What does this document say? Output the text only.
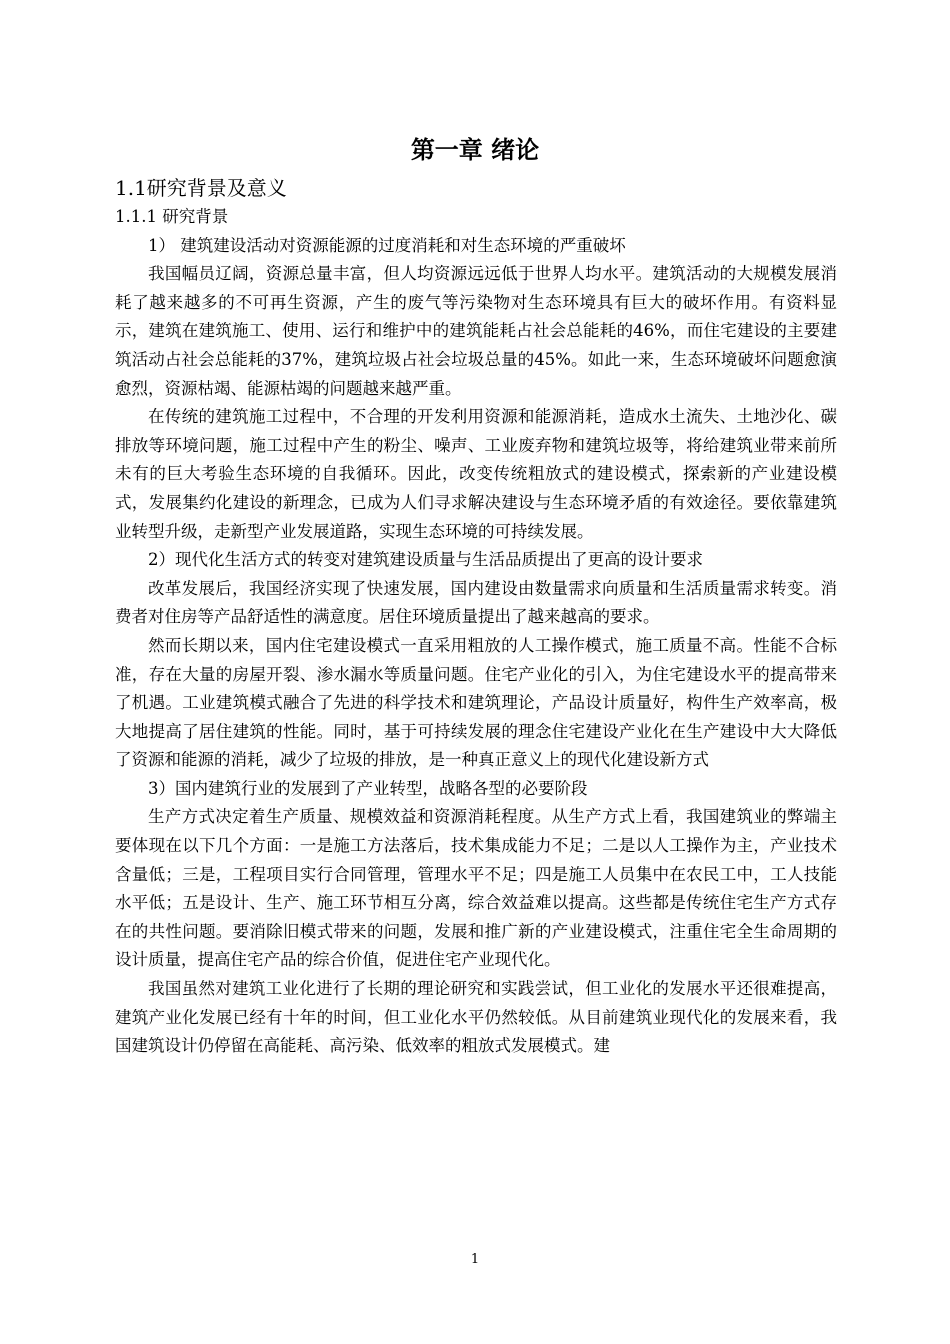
第一章 绪论
1.1研究背景及意义

1.1.1 研究背景

1） 建筑建设活动对资源能源的过度消耗和对生态环境的严重破坏

我国幅员辽阔，资源总量丰富，但人均资源远远低于世界人均水平。建筑活动的大规模发展消耗了越来越多的不可再生资源，产生的废气等污染物对生态环境具有巨大的破坏作用。有资料显示，建筑在建筑施工、使用、运行和维护中的建筑能耗占社会总能耗的46%，而住宅建设的主要建筑活动占社会总能耗的37%，建筑垃圾占社会垃圾总量的45%。如此一来，生态环境破坏问题愈演愈烈，资源枯竭、能源枯竭的问题越来越严重。

在传统的建筑施工过程中，不合理的开发利用资源和能源消耗，造成水土流失、土地沙化、碳排放等环境问题，施工过程中产生的粉尘、噪声、工业废弃物和建筑垃圾等，将给建筑业带来前所未有的巨大考验生态环境的自我循环。因此，改变传统粗放式的建设模式，探索新的产业建设模式，发展集约化建设的新理念，已成为人们寻求解决建设与生态环境矛盾的有效途径。要依靠建筑业转型升级，走新型产业发展道路，实现生态环境的可持续发展。

2）现代化生活方式的转变对建筑建设质量与生活品质提出了更高的设计要求

改革发展后，我国经济实现了快速发展，国内建设由数量需求向质量和生活质量需求转变。消费者对住房等产品舒适性的满意度。居住环境质量提出了越来越高的要求。

然而长期以来，国内住宅建设模式一直采用粗放的人工操作模式，施工质量不高。性能不合标准，存在大量的房屋开裂、渗水漏水等质量问题。住宅产业化的引入，为住宅建设水平的提高带来了机遇。工业建筑模式融合了先进的科学技术和建筑理论，产品设计质量好，构件生产效率高，极大地提高了居住建筑的性能。同时，基于可持续发展的理念住宅建设产业化在生产建设中大大降低了资源和能源的消耗，减少了垃圾的排放，是一种真正意义上的现代化建设新方式

3）国内建筑行业的发展到了产业转型，战略各型的必要阶段

生产方式决定着生产质量、规模效益和资源消耗程度。从生产方式上看，我国建筑业的弊端主要体现在以下几个方面：一是施工方法落后，技术集成能力不足；二是以人工操作为主，产业技术含量低；三是，工程项目实行合同管理，管理水平不足；四是施工人员集中在农民工中，工人技能水平低；五是设计、生产、施工环节相互分离，综合效益难以提高。这些都是传统住宅生产方式存在的共性问题。要消除旧模式带来的问题，发展和推广新的产业建设模式，注重住宅全生命周期的设计质量，提高住宅产品的综合价值，促进住宅产业现代化。

我国虽然对建筑工业化进行了长期的理论研究和实践尝试，但工业化的发展水平还很难提高，建筑产业化发展已经有十年的时间，但工业化水平仍然较低。从目前建筑业现代化的发展来看，我国建筑设计仍停留在高能耗、高污染、低效率的粗放式发展模式。建

1
